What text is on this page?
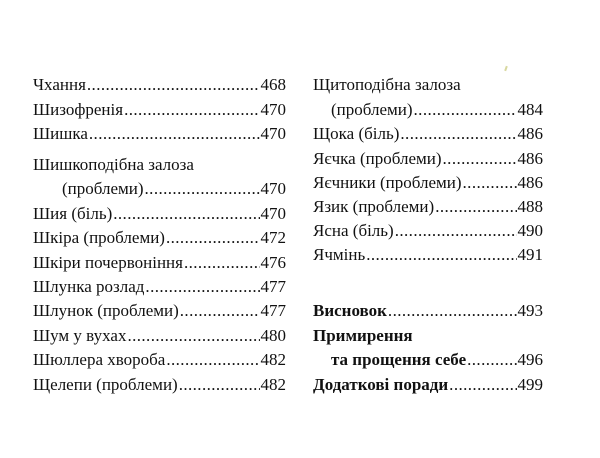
Чхання .....	468
Шизофренія .....	470
Шишка .....	470
Шишкоподібна залоза
(проблеми) .....	470
Шия (біль) .....	470
Шкіра (проблеми) .....	472
Шкіри почервоніння .....	476
Шлунка розлад .....	477
Шлунок (проблеми) .....	477
Шум у вухах .....	480
Шюллера хвороба .....	482
Щелепи (проблеми) .....	482
Щитоподібна залоза
(проблеми) .....	484
Щока (біль) .....	486
Яєчка (проблеми) .....	486
Яєчники (проблеми) .....	486
Язик (проблеми) .....	488
Ясна (біль) .....	490
Ячмінь .....	491
Висновок .....	493
Примирення
та прощення себе .....	496
Додаткові поради .....	499
